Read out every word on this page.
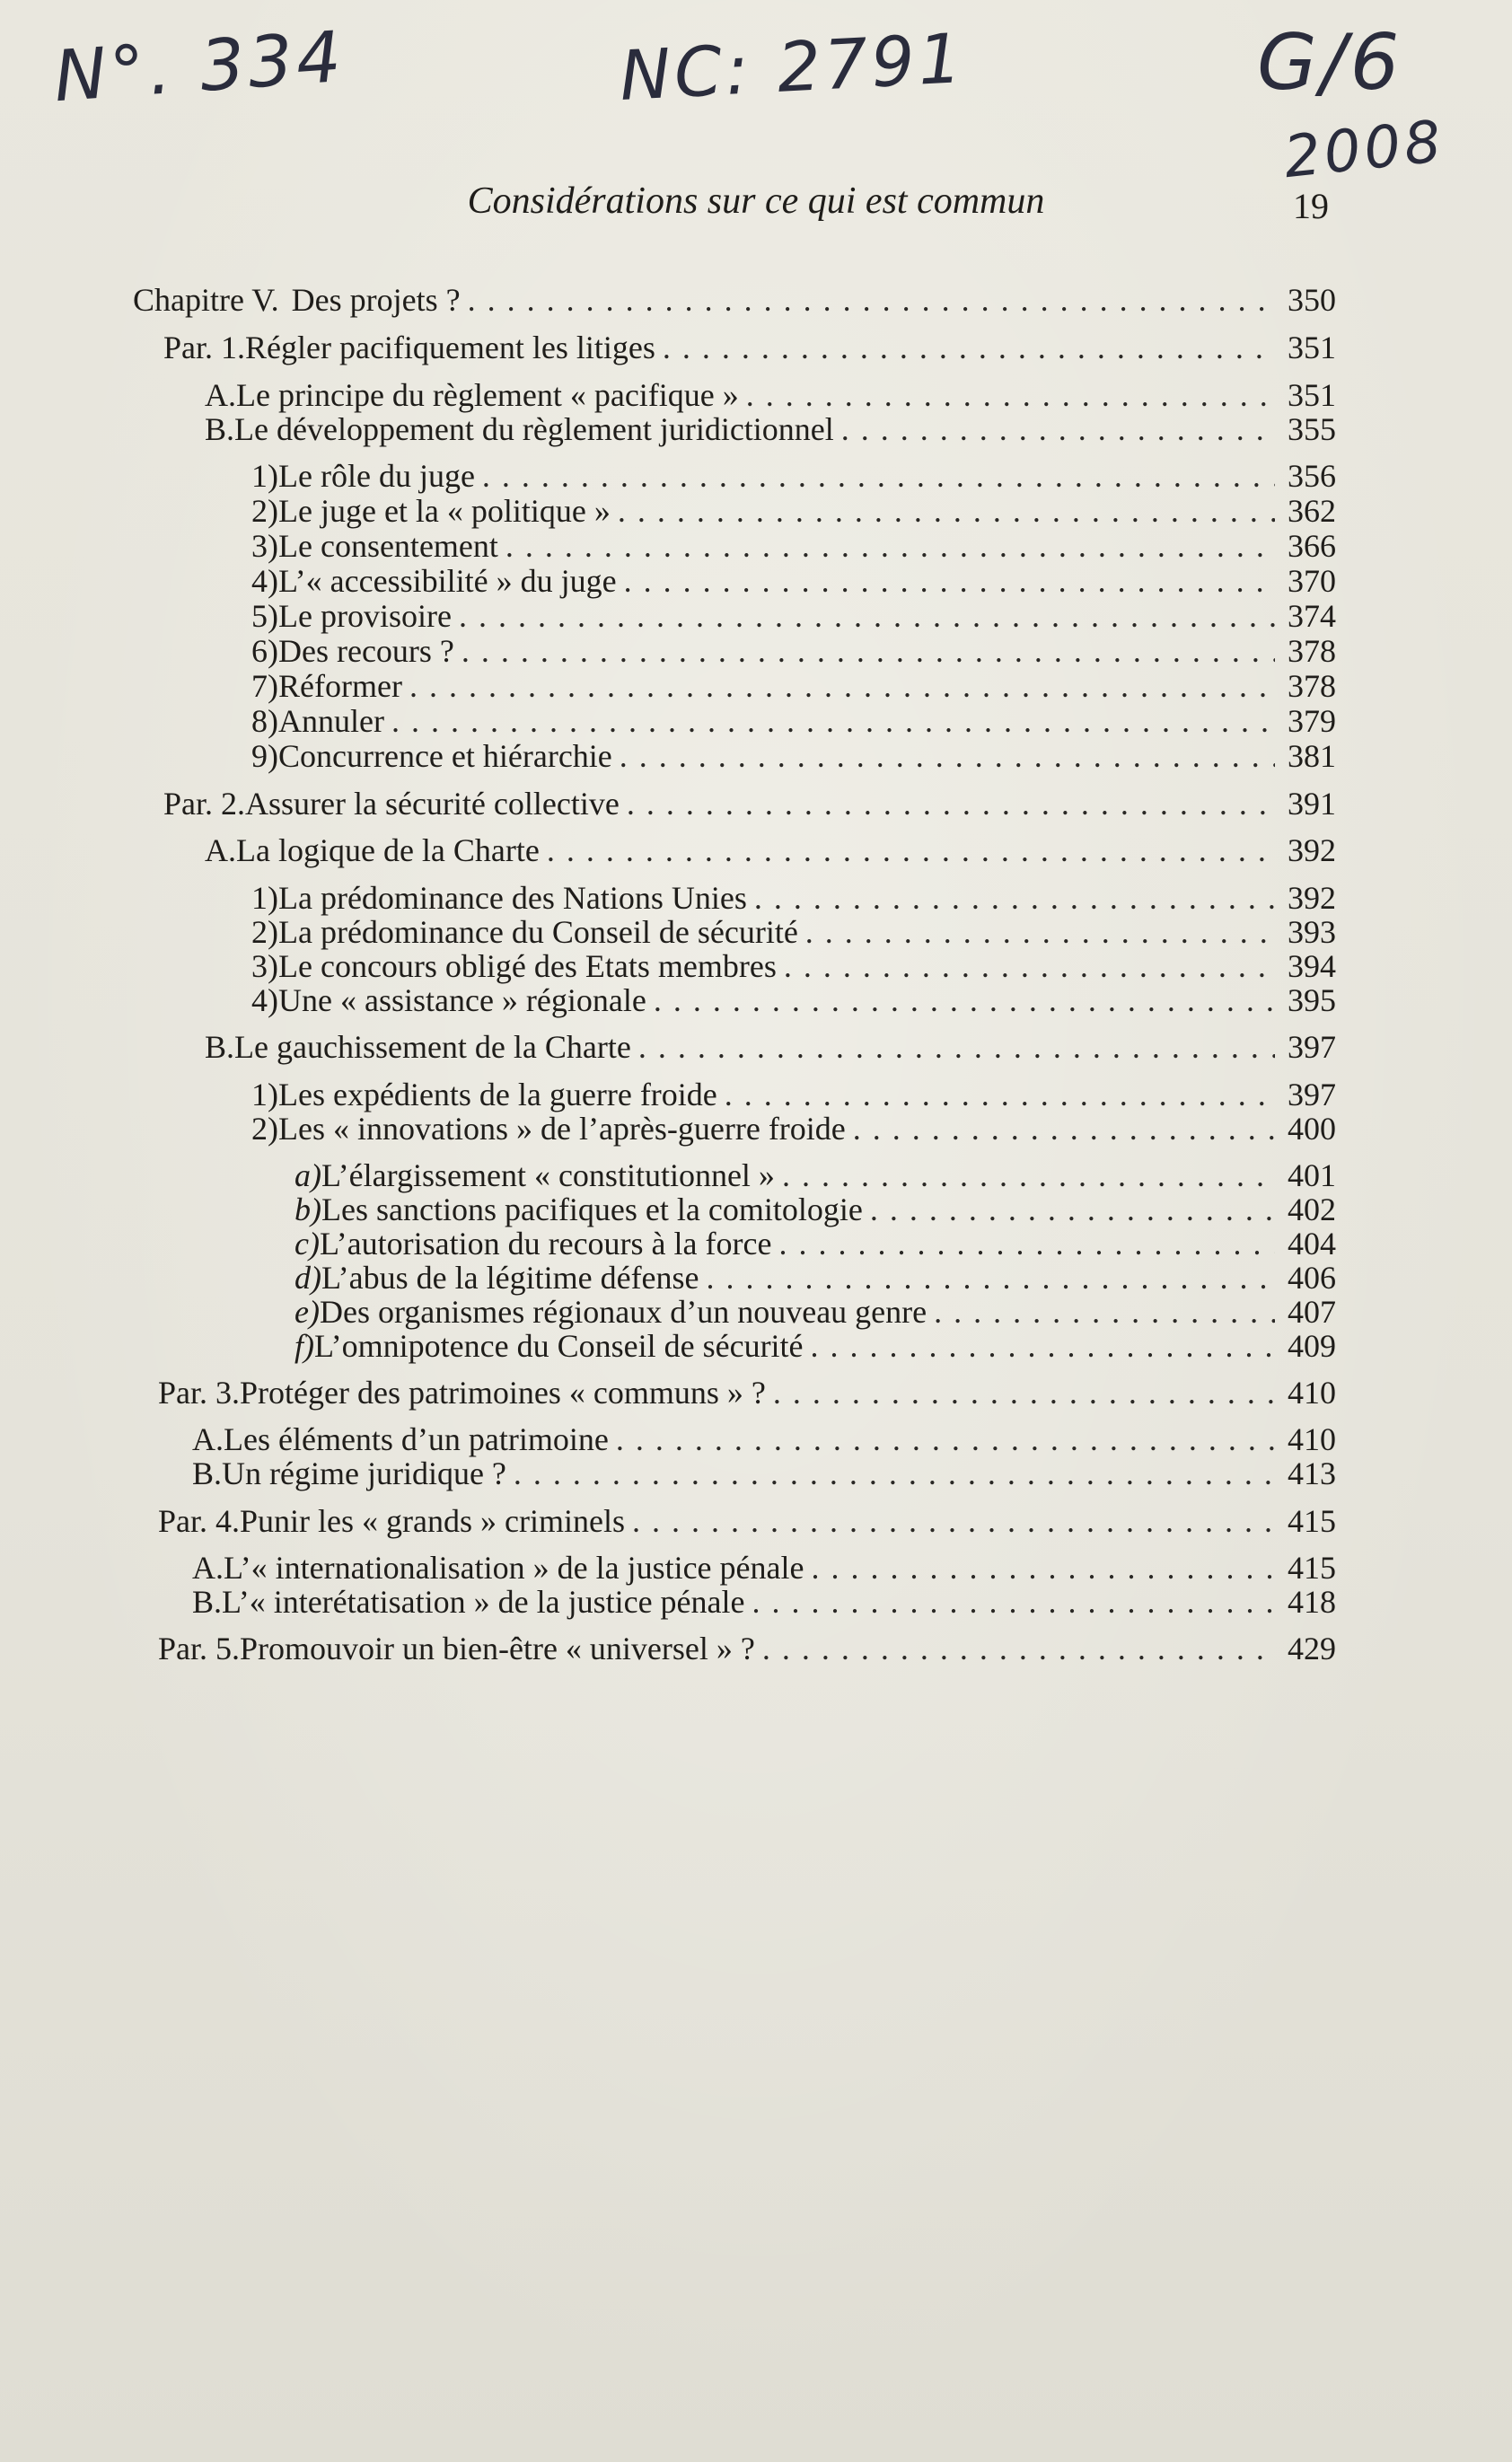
N°. 334	NC: 2791	G/6
2008
Considérations sur ce qui est commun	19
Chapitre V. Des projets ? . . .	350
Par. 1. Régler pacifiquement les litiges . . .	351
A. Le principe du règlement « pacifique » . . .	351
B. Le développement du règlement juridictionnel . . .	355
1) Le rôle du juge . . .	356
2) Le juge et la « politique » . . .	362
3) Le consentement . . .	366
4) L’« accessibilité » du juge . . .	370
5) Le provisoire . . .	374
6) Des recours ? . . .	378
7) Réformer . . .	378
8) Annuler . . .	379
9) Concurrence et hiérarchie . . .	381
Par. 2. Assurer la sécurité collective . . .	391
A. La logique de la Charte . . .	392
1) La prédominance des Nations Unies . . .	392
2) La prédominance du Conseil de sécurité . . .	393
3) Le concours obligé des Etats membres . . .	394
4) Une « assistance » régionale . . .	395
B. Le gauchissement de la Charte . . .	397
1) Les expédients de la guerre froide . . .	397
2) Les « innovations » de l’après-guerre froide . . .	400
a) L’élargissement « constitutionnel » . . .	401
b) Les sanctions pacifiques et la comitologie . . .	402
c) L’autorisation du recours à la force . . .	404
d) L’abus de la légitime défense . . .	406
e) Des organismes régionaux d’un nouveau genre . . .	407
f) L’omnipotence du Conseil de sécurité . . .	409
Par. 3. Protéger des patrimoines « communs » ? . . .	410
A. Les éléments d’un patrimoine . . .	410
B. Un régime juridique ? . . .	413
Par. 4. Punir les « grands » criminels . . .	415
A. L’« internationalisation » de la justice pénale . . .	415
B. L’« interétatisation » de la justice pénale . . .	418
Par. 5. Promouvoir un bien-être « universel » ? . . .	429
